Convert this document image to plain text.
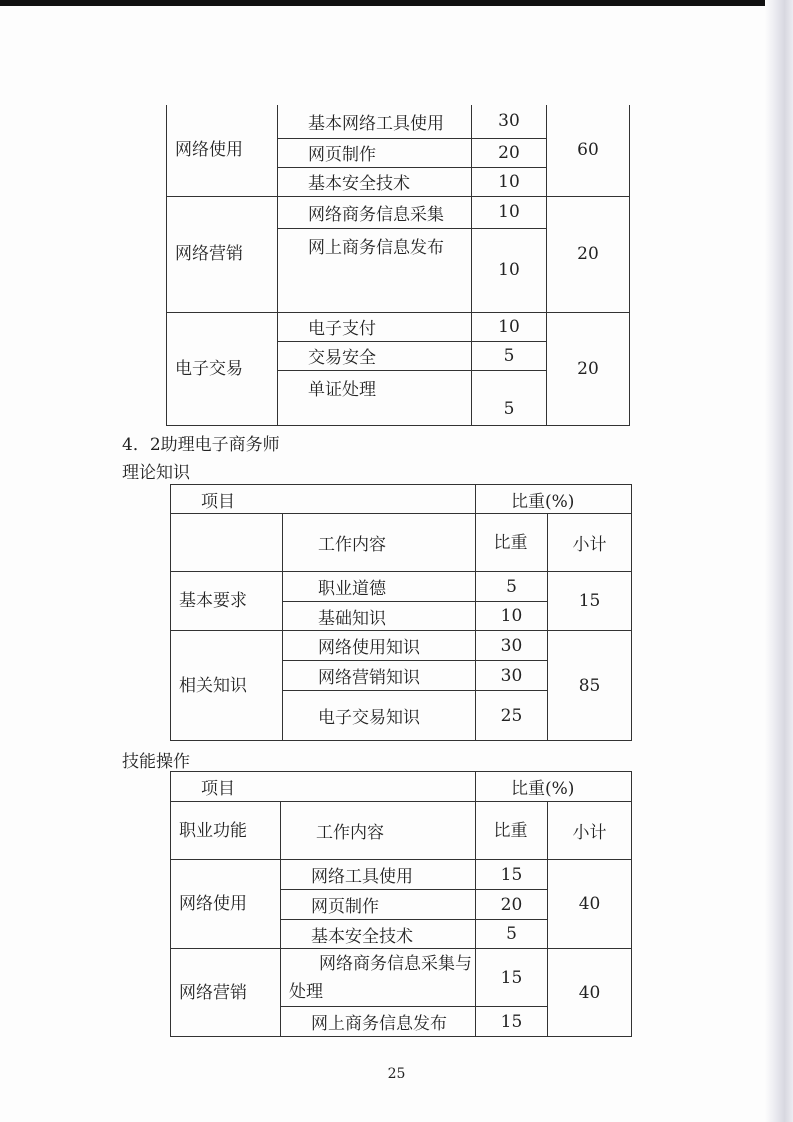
网络使用	基本网络工具使用	30	60
	网页制作	20	
	基本安全技术	10	

网络营销	网络商务信息采集	10	20
	网上商务信息发布	10	

电子交易	电子支付	10	20
	交易安全	5	
	单证处理	5	
4．2助理电子商务师
理论知识
项目		比重(%)	
	工作内容	比重	小计

基本要求	职业道德	5	15
	基础知识	10	

相关知识	网络使用知识	30	85
	网络营销知识	30	
	电子交易知识	25	
技能操作
项目		比重(%)	

职业功能	工作内容	比重	小计

网络使用	网络工具使用	15	40
	网页制作	20	
	基本安全技术	5	

网络营销	网络商务信息采集与处理	15	40
	网上商务信息发布	15	
25
